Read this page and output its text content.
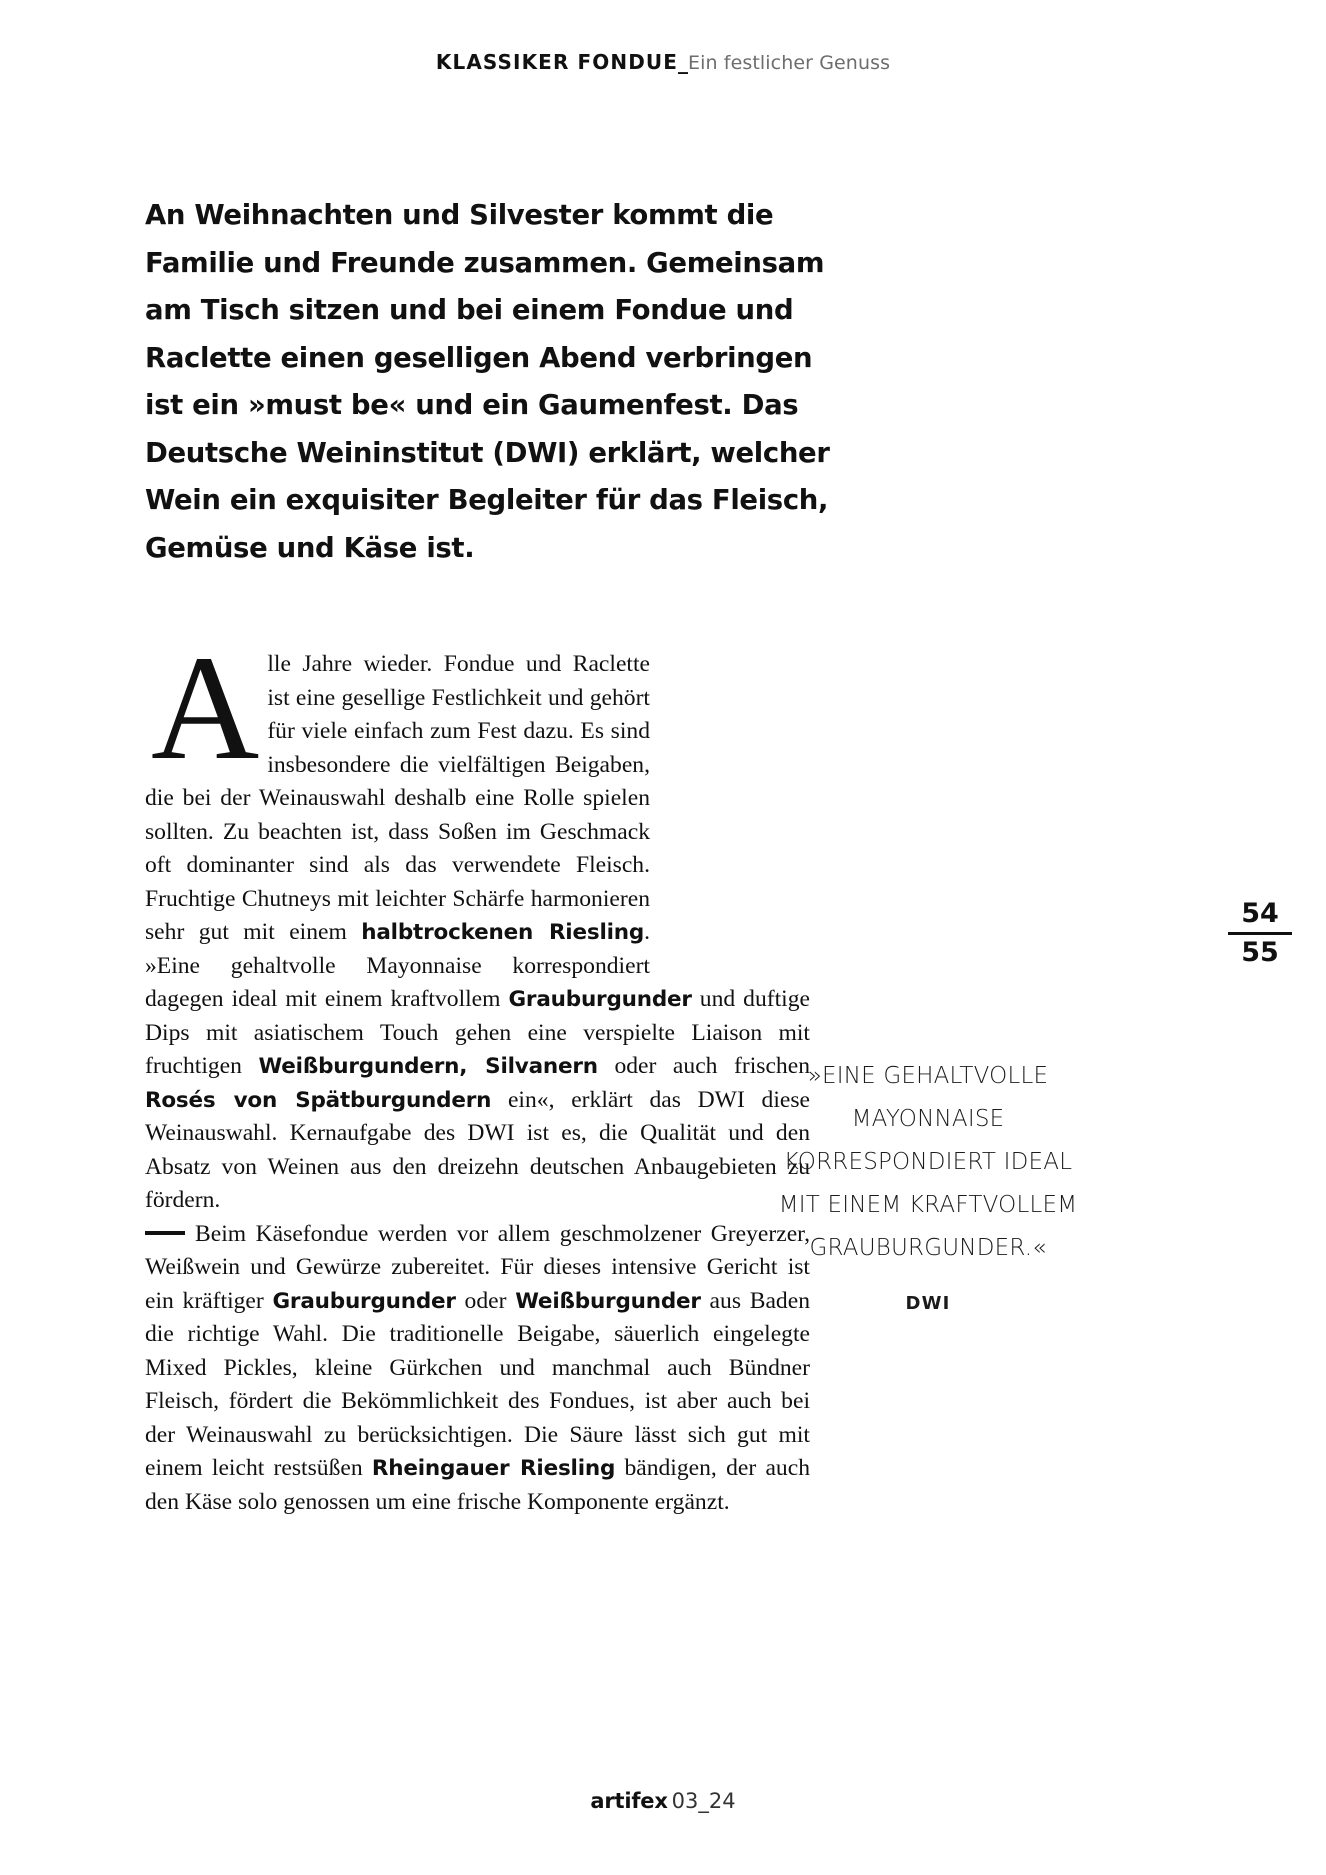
KLASSIKER FONDUE_Ein festlicher Genuss
An Weihnachten und Silvester kommt die
Familie und Freunde zusammen. Gemeinsam
am Tisch sitzen und bei einem Fondue und
Raclette einen geselligen Abend verbringen
ist ein »must be« und ein Gaumenfest. Das
Deutsche Weininstitut (DWI) erklärt, welcher
Wein ein exquisiter Begleiter für das Fleisch,
Gemüse und Käse ist.

Alle Jahre wieder. Fondue und Raclette ist eine gesellige Festlichkeit und gehört für viele einfach zum Fest dazu. Es sind insbesondere die vielfältigen Beigaben, die bei der Weinauswahl deshalb eine Rolle spielen sollten. Zu beachten ist, dass Soßen im Geschmack oft dominanter sind als das verwendete Fleisch. Fruchtige Chutneys mit leichter Schärfe harmonieren sehr gut mit einem halbtrockenen Riesling. »Eine gehaltvolle Mayonnaise korrespondiert dagegen ideal mit einem kraftvollem Grauburgunder und duftige Dips mit asiatischem Touch gehen eine verspielte Liaison mit fruchtigen Weißburgundern, Silvanern oder auch frischen Rosés von Spätburgundern ein«, erklärt das DWI diese Weinauswahl. Kernaufgabe des DWI ist es, die Qualität und den Absatz von Weinen aus den dreizehn deutschen Anbaugebieten zu fördern.

Beim Käsefondue werden vor allem geschmolzener Greyerzer, Weißwein und Gewürze zubereitet. Für dieses intensive Gericht ist ein kräftiger Grauburgunder oder Weißburgunder aus Baden die richtige Wahl. Die traditionelle Beigabe, säuerlich eingelegte Mixed Pickles, kleine Gürkchen und manchmal auch Bündner Fleisch, fördert die Bekömmlichkeit des Fondues, ist aber auch bei der Weinauswahl zu berücksichtigen. Die Säure lässt sich gut mit einem leicht restsüßen Rheingauer Riesling bändigen, der auch den Käse solo genossen um eine frische Komponente ergänzt.

»EINE GEHALTVOLLE
MAYONNAISE
KORRESPONDIERT IDEAL
MIT EINEM KRAFTVOLLEM
GRAUBURGUNDER.«
DWI
54
55
artifex 03_24
